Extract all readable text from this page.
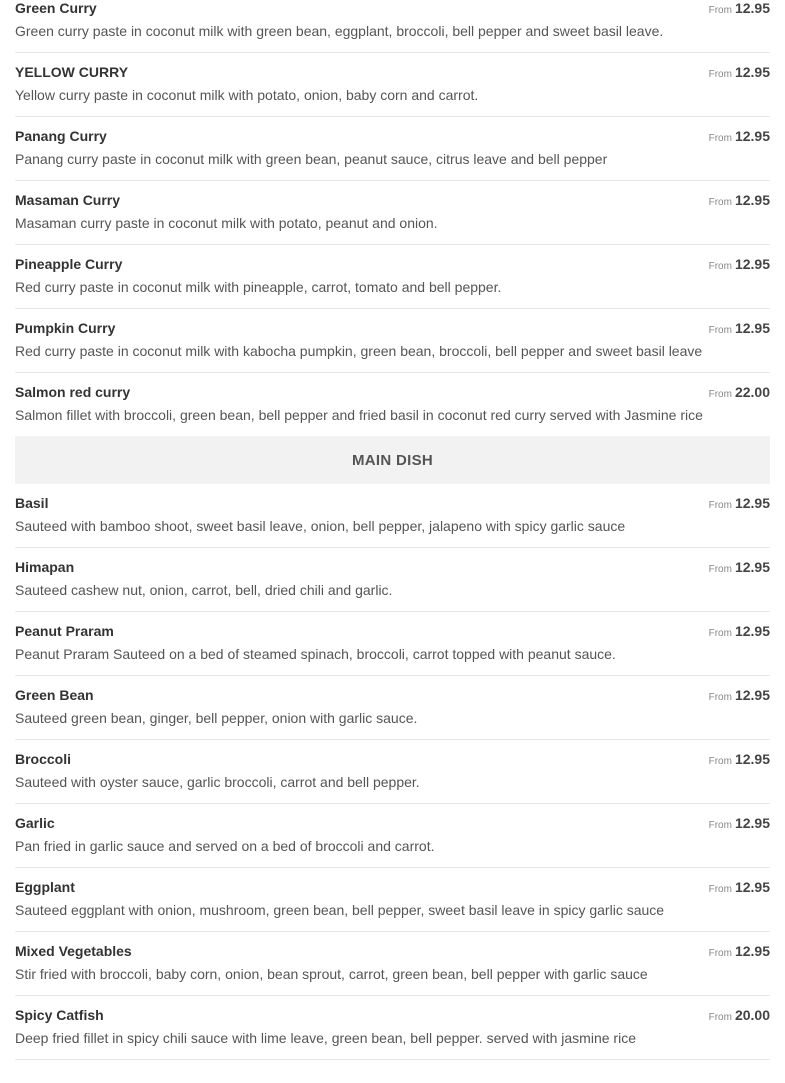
Green Curry	From 12.95
Green curry paste in coconut milk with green bean, eggplant, broccoli, bell pepper and sweet basil leave.
YELLOW CURRY	From 12.95
Yellow curry paste in coconut milk with potato, onion, baby corn and carrot.
Panang Curry	From 12.95
Panang curry paste in coconut milk with green bean, peanut sauce, citrus leave and bell pepper
Masaman Curry	From 12.95
Masaman curry paste in coconut milk with potato, peanut and onion.
Pineapple Curry	From 12.95
Red curry paste in coconut milk with pineapple, carrot, tomato and bell pepper.
Pumpkin Curry	From 12.95
Red curry paste in coconut milk with kabocha pumpkin, green bean, broccoli, bell pepper and sweet basil leave
Salmon red curry	From 22.00
Salmon fillet with broccoli, green bean, bell pepper and fried basil in coconut red curry served with Jasmine rice
MAIN DISH
Basil	From 12.95
Sauteed with bamboo shoot, sweet basil leave, onion, bell pepper, jalapeno with spicy garlic sauce
Himapan	From 12.95
Sauteed cashew nut, onion, carrot, bell, dried chili and garlic.
Peanut Praram	From 12.95
Peanut Praram Sauteed on a bed of steamed spinach, broccoli, carrot topped with peanut sauce.
Green Bean	From 12.95
Sauteed green bean, ginger, bell pepper, onion with garlic sauce.
Broccoli	From 12.95
Sauteed with oyster sauce, garlic broccoli, carrot and bell pepper.
Garlic	From 12.95
Pan fried in garlic sauce and served on a bed of broccoli and carrot.
Eggplant	From 12.95
Sauteed eggplant with onion, mushroom, green bean, bell pepper, sweet basil leave in spicy garlic sauce
Mixed Vegetables	From 12.95
Stir fried with broccoli, baby corn, onion, bean sprout, carrot, green bean, bell pepper with garlic sauce
Spicy Catfish	From 20.00
Deep fried fillet in spicy chili sauce with lime leave, green bean, bell pepper. served with jasmine rice
